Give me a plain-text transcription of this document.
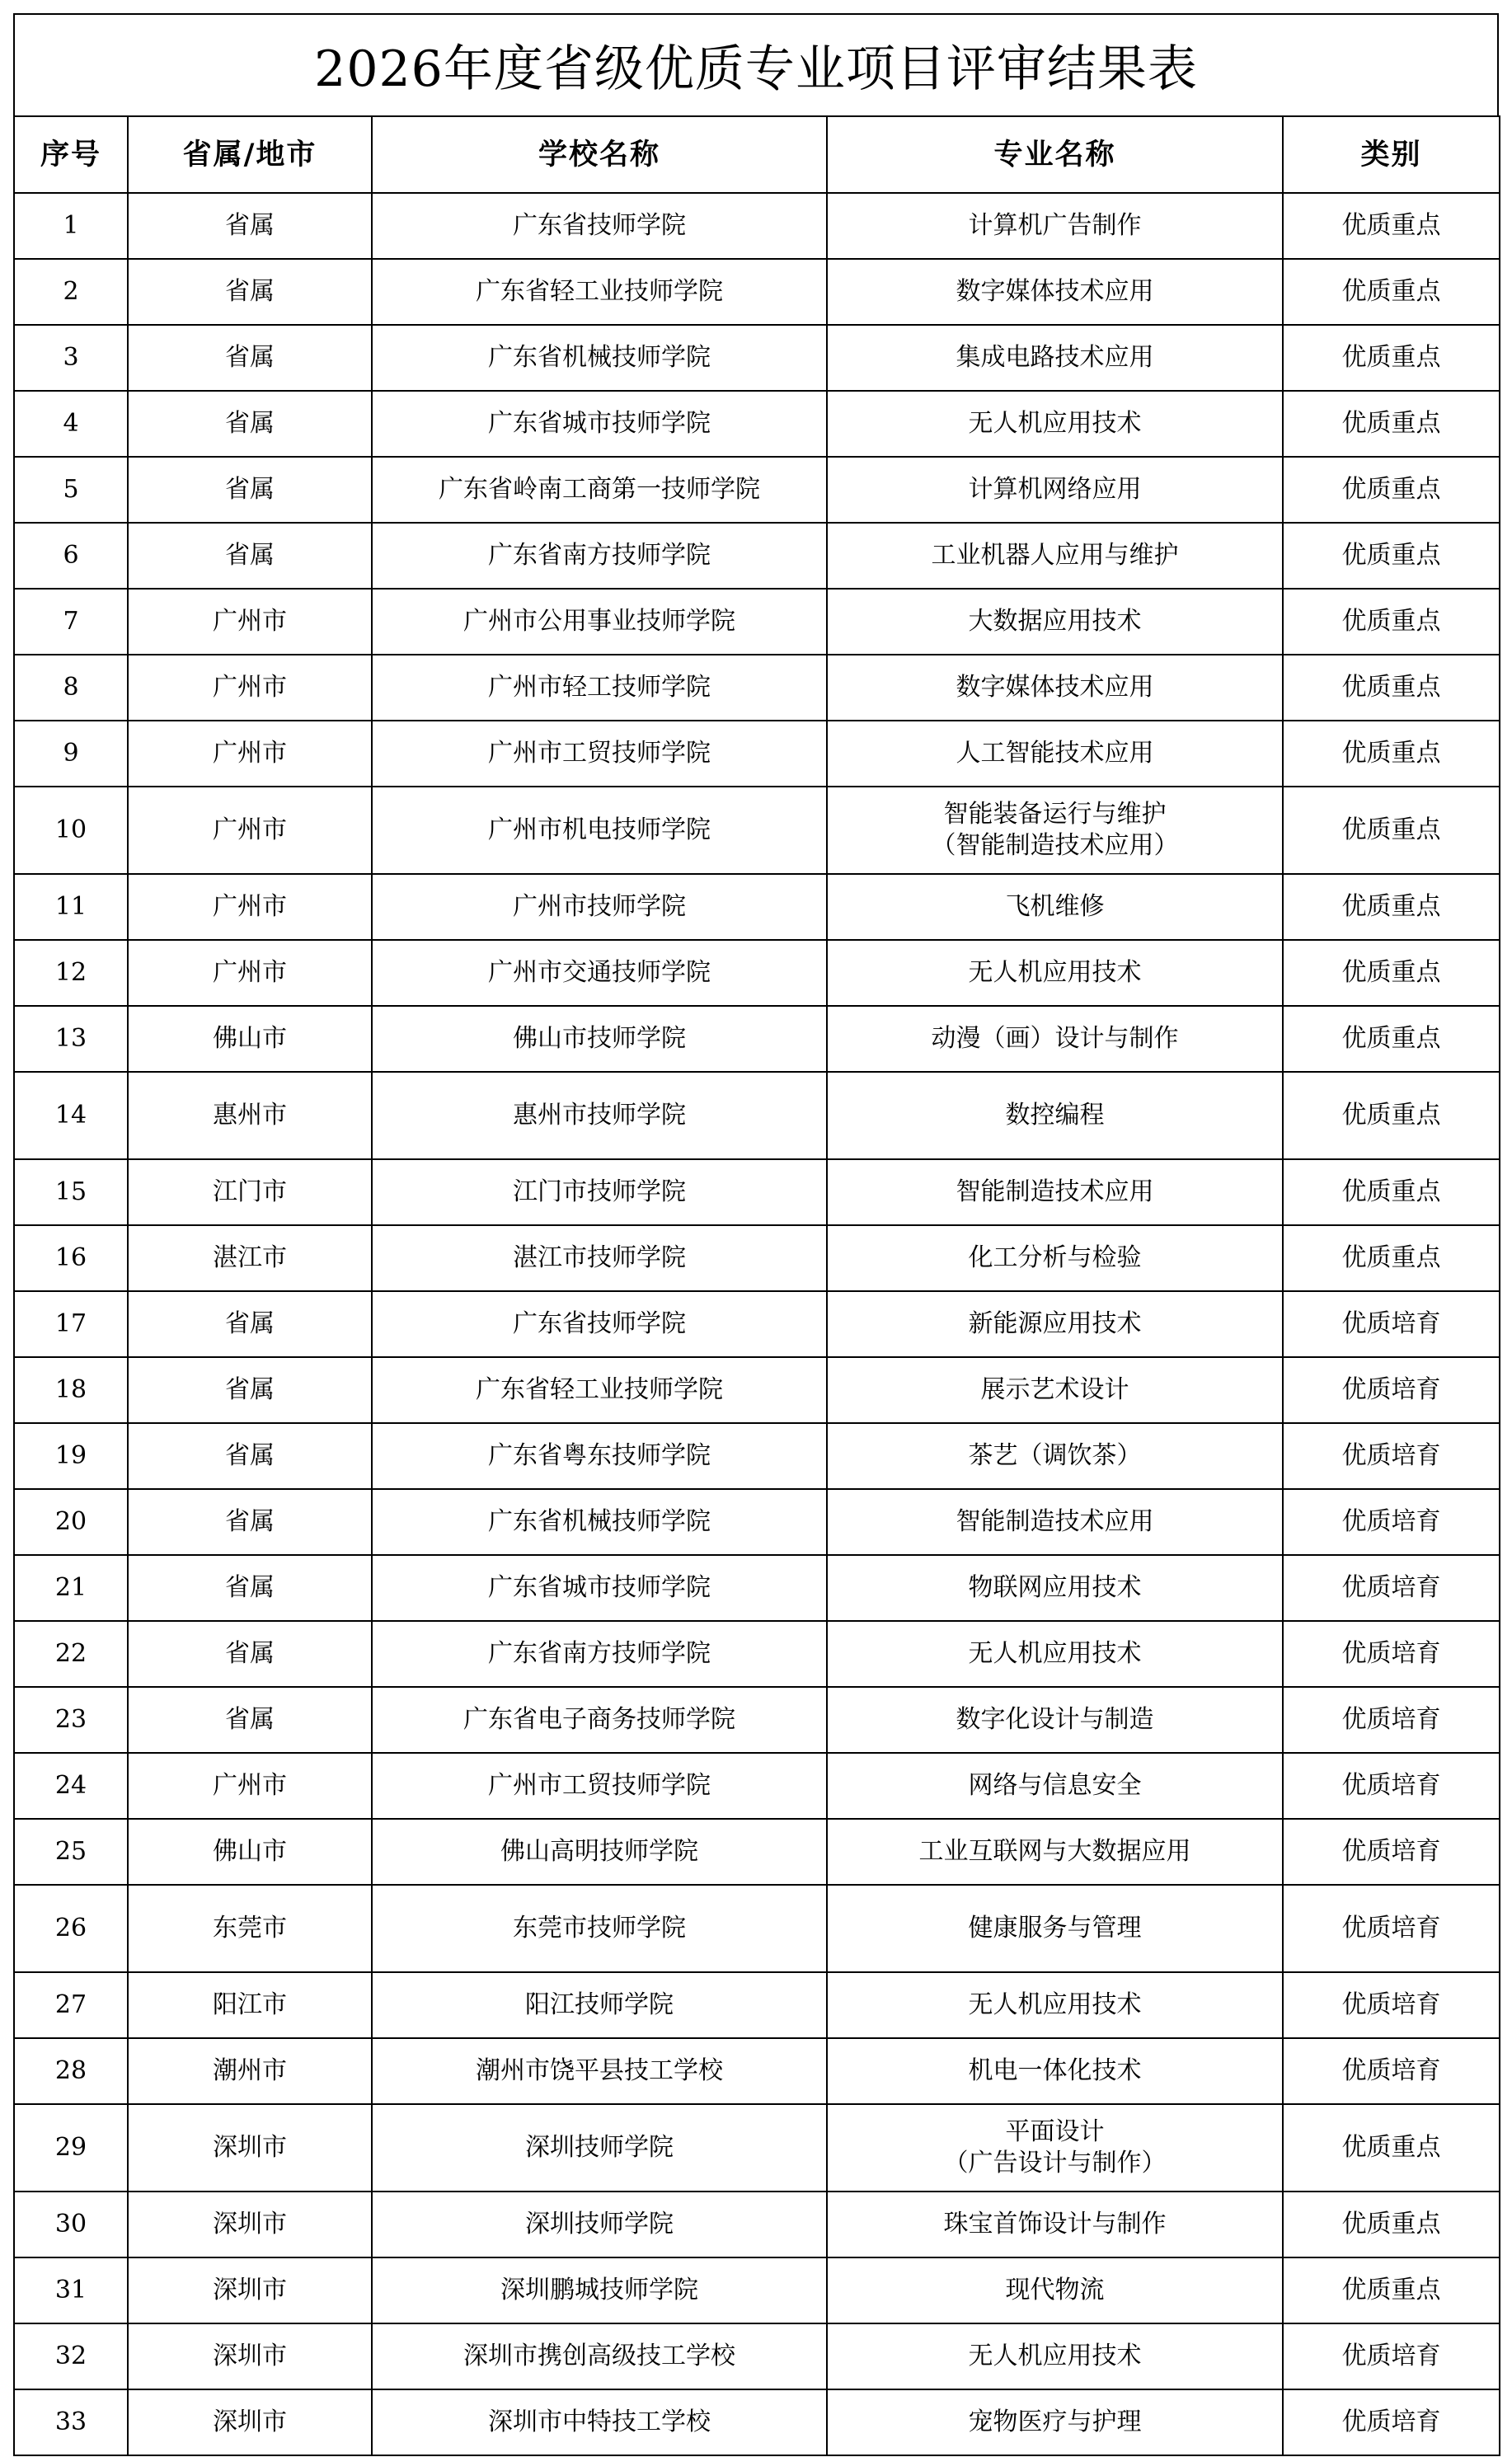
2026年度省级优质专业项目评审结果表
序号	省属/地市	学校名称	专业名称	类别
1	省属	广东省技师学院	计算机广告制作	优质重点
2	省属	广东省轻工业技师学院	数字媒体技术应用	优质重点
3	省属	广东省机械技师学院	集成电路技术应用	优质重点
4	省属	广东省城市技师学院	无人机应用技术	优质重点
5	省属	广东省岭南工商第一技师学院	计算机网络应用	优质重点
6	省属	广东省南方技师学院	工业机器人应用与维护	优质重点
7	广州市	广州市公用事业技师学院	大数据应用技术	优质重点
8	广州市	广州市轻工技师学院	数字媒体技术应用	优质重点
9	广州市	广州市工贸技师学院	人工智能技术应用	优质重点
10	广州市	广州市机电技师学院	智能装备运行与维护
（智能制造技术应用）	优质重点
11	广州市	广州市技师学院	飞机维修	优质重点
12	广州市	广州市交通技师学院	无人机应用技术	优质重点
13	佛山市	佛山市技师学院	动漫（画）设计与制作	优质重点
14	惠州市	惠州市技师学院	数控编程	优质重点
15	江门市	江门市技师学院	智能制造技术应用	优质重点
16	湛江市	湛江市技师学院	化工分析与检验	优质重点
17	省属	广东省技师学院	新能源应用技术	优质培育
18	省属	广东省轻工业技师学院	展示艺术设计	优质培育
19	省属	广东省粤东技师学院	茶艺（调饮茶）	优质培育
20	省属	广东省机械技师学院	智能制造技术应用	优质培育
21	省属	广东省城市技师学院	物联网应用技术	优质培育
22	省属	广东省南方技师学院	无人机应用技术	优质培育
23	省属	广东省电子商务技师学院	数字化设计与制造	优质培育
24	广州市	广州市工贸技师学院	网络与信息安全	优质培育
25	佛山市	佛山高明技师学院	工业互联网与大数据应用	优质培育
26	东莞市	东莞市技师学院	健康服务与管理	优质培育
27	阳江市	阳江技师学院	无人机应用技术	优质培育
28	潮州市	潮州市饶平县技工学校	机电一体化技术	优质培育
29	深圳市	深圳技师学院	平面设计
（广告设计与制作）	优质重点
30	深圳市	深圳技师学院	珠宝首饰设计与制作	优质重点
31	深圳市	深圳鹏城技师学院	现代物流	优质重点
32	深圳市	深圳市携创高级技工学校	无人机应用技术	优质培育
33	深圳市	深圳市中特技工学校	宠物医疗与护理	优质培育
